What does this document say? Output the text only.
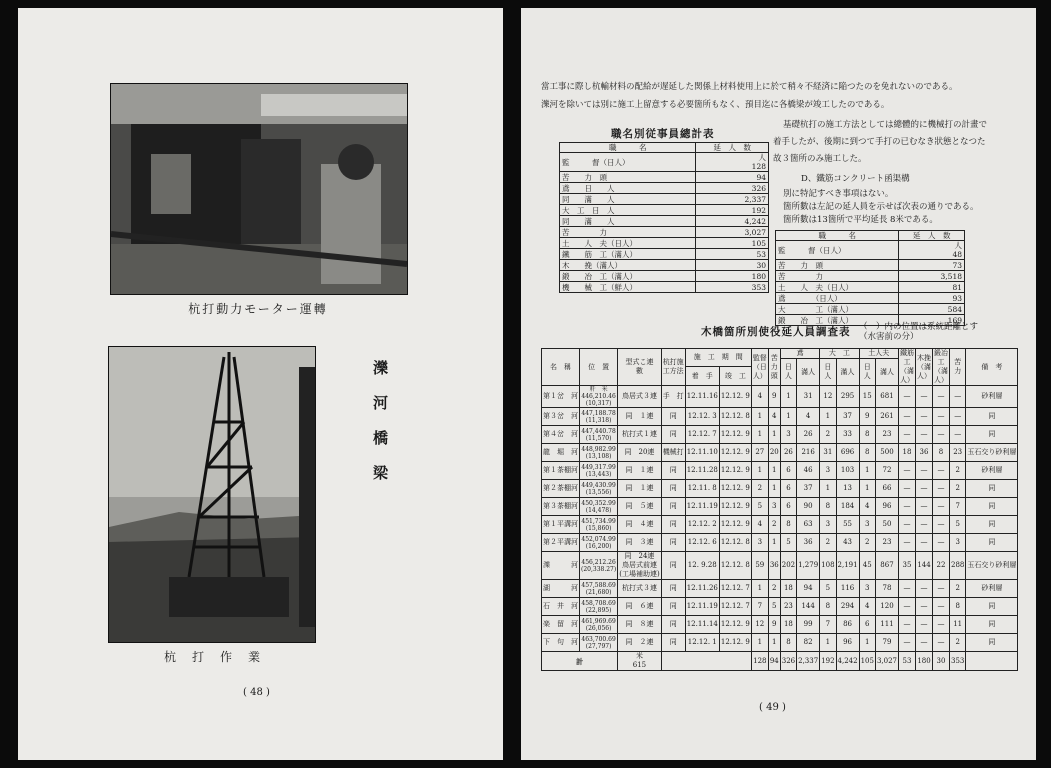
杭打動力モーター運轉
杭　打　作　業
濼河橋梁
( 48 )
當工事に際し杭輸材料の配給が遅延した関係上材料使用上に於て稍々不経済に陥つたのを免れないのである。
濼河を除いては別に施工上留意する必要箇所もなく、預目迄に各橋梁が竣工したのである。
職名別従事員總計表
職　　　名	延　人　数
監　　　督（日人）	人
128
苦　　力　頭	94
鳶　　日　　人	326
同　　滿　　人	2,337
大　工　日　人	192
同　　滿　　人	4,242
苦　　　　力	3,027
土　　人　夫（日人）	105
鐵　　筋　工（滿人）	53
木　　挽（滿人）	30
鍛　　冶　工（滿人）	180
機　　械　工（鮮人）	353
基礎杭打の施工方法としては總體的に機械打の計畫で
着手したが、後期に到つて手打の已むなき狀態となつた
故３箇所のみ施工した。
D、鐵筋コンクリート函渠構
別に特記すべき事項はない。
箇所數は左記の延人員を示せば次表の通りである。
箇所數は13箇所で平均延長 8米である。
職　　　名	延　人　数
監　　　督（日人）	人
48
苦　　力　頭	73
苦　　　　力	3,518
土　　人　夫（日人）	81
鳶　　　　（日人）	93
大　　　　工（滿人）	584
鍛　　冶　工（滿人）	169
木橋箇所別使役延人員調査表 （　）内の位置は系統距離とす
（水害前の分）
名　稱	位　置	型式こ連　數	杭打施工方法	施　工　期　間		監督（日人）	苦力頭	鳶		大　工		土人夫		鐵筋工（滿人）	木挽（滿人）	鍛冶工（滿人）	苦力	備　考
								日人	滿人	日人	滿人	日人	滿人					
				着　手	竣　工													
第１岔　河	粁　米
446,210.46
(10,317)	鳥居式３連	手　打	12.11.16	12.12. 9	4	9	1	31	12	295	15	681	—	—	—	—	砂利層
第３岔　河	447,188.78
(11,318)	同　１連	同	12.12. 3	12.12. 8	1	4	1	4	1	37	9	261	—	—	—	—	同
第４岔　河	447,440.78
(11,570)	杭打式１連	同	12.12. 7	12.12. 9	1	1	3	26	2	33	8	23	—	—	—	—	同
龍　堀　河	448,982.99
(13,108)	同　20連	機械打	12.11.10	12.12. 9	27	20	26	216	31	696	8	500	18	36	8	23	玉石交り砂利層
第１茶棚河	449,317.99
(13,443)	同　１連	同	12.11.28	12.12. 9	1	1	6	46	3	103	1	72	—	—	—	2	砂利層
第２茶棚河	449,430.99
(13,556)	同　１連	同	12.11. 8	12.12. 9	2	1	6	37	1	13	1	66	—	—	—	2	同
第３茶棚河	450,352.99
(14,478)	同　５連	同	12.11.19	12.12. 9	5	3	6	90	8	184	4	96	—	—	—	7	同
第１平溝河	451,734.99
(15,860)	同　４連	同	12.12. 2	12.12. 9	4	2	8	63	3	55	3	50	—	—	—	5	同
第２平溝河	452,074.99
(16,200)	同　３連	同	12.12. 6	12.12. 8	3	1	5	36	2	43	2	23	—	—	—	3	同
濼　　　河	456,212.26
(20,338.27)	同　24連
鳥居式前連
(工場補助連)	同	12. 9.28	12.12. 8	59	36	202	1,279	108	2,191	45	867	35	144	22	288	玉石交り砂利層
湖　　　河	457,588.69
(21,680)	杭打式３連	同	12.11.26	12.12. 7	1	2	18	94	5	116	3	78	—	—	—	2	砂利層
石　井　河	458,708.69
(22,895)	同　６連	同	12.11.19	12.12. 7	7	5	23	144	8	294	4	120	—	—	—	8	同
楽　留　河	461,969.69
(26,056)	同　８連	同	12.11.14	12.12. 9	12	9	18	99	7	86	6	111	—	—	—	11	同
下　句　河	463,700.69
(27,797)	同　２連	同	12.12. 1	12.12. 9	1	1	8	82	1	96	1	79	—	—	—	2	同
計		米
615				128	94	326	2,337	192	4,242	105	3,027	53	180	30	353	
( 49 )
